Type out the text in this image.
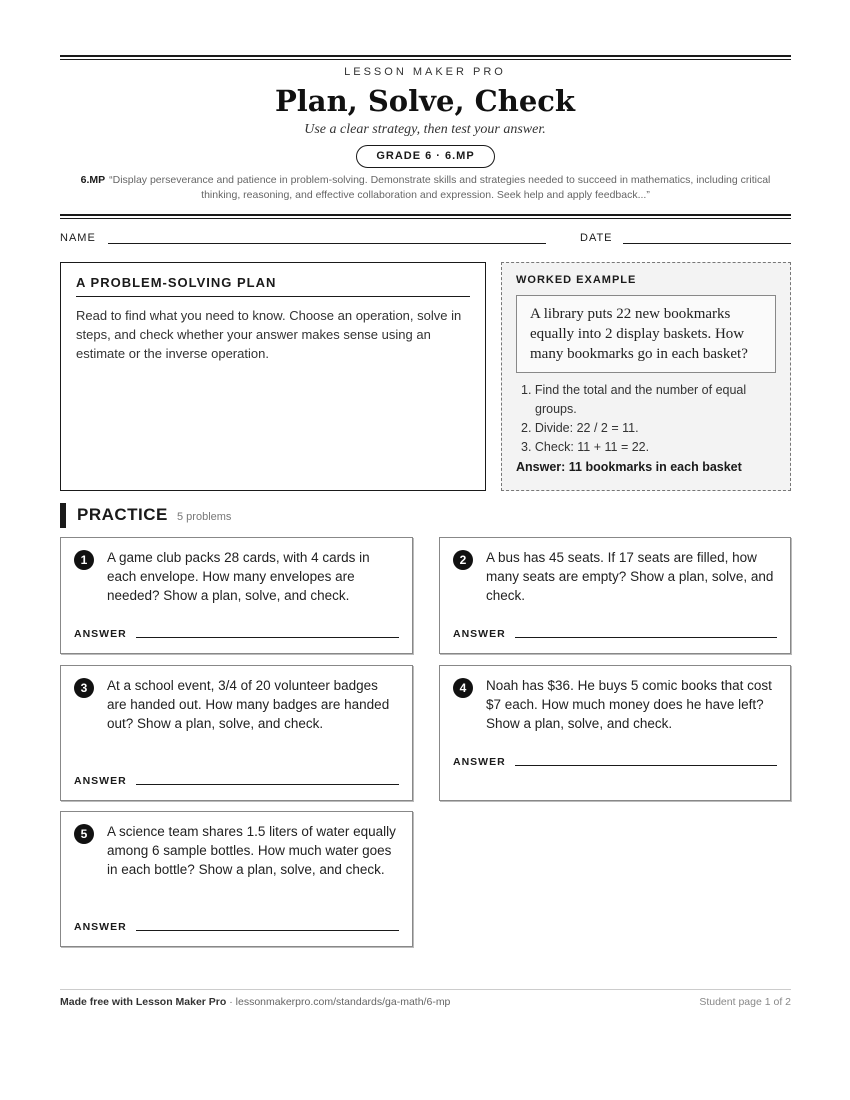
LESSON MAKER PRO
Plan, Solve, Check
Use a clear strategy, then test your answer.
GRADE 6 · 6.MP
6.MP “Display perseverance and patience in problem-solving. Demonstrate skills and strategies needed to succeed in mathematics, including critical thinking, reasoning, and effective collaboration and expression. Seek help and apply feedback...”
NAME	DATE
A PROBLEM-SOLVING PLAN
Read to find what you need to know. Choose an operation, solve in steps, and check whether your answer makes sense using an estimate or the inverse operation.
WORKED EXAMPLE
A library puts 22 new bookmarks equally into 2 display baskets. How many bookmarks go in each basket?
1. Find the total and the number of equal groups.
2. Divide: 22 / 2 = 11.
3. Check: 11 + 11 = 22.
Answer: 11 bookmarks in each basket
PRACTICE 5 problems
1	A game club packs 28 cards, with 4 cards in each envelope. How many envelopes are needed? Show a plan, solve, and check.
ANSWER
2	A bus has 45 seats. If 17 seats are filled, how many seats are empty? Show a plan, solve, and check.
ANSWER
3	At a school event, 3/4 of 20 volunteer badges are handed out. How many badges are handed out? Show a plan, solve, and check.
ANSWER
4	Noah has $36. He buys 5 comic books that cost $7 each. How much money does he have left? Show a plan, solve, and check.
ANSWER
5	A science team shares 1.5 liters of water equally among 6 sample bottles. How much water goes in each bottle? Show a plan, solve, and check.
ANSWER
Made free with Lesson Maker Pro · lessonmakerpro.com/standards/ga-math/6-mp	Student page 1 of 2
